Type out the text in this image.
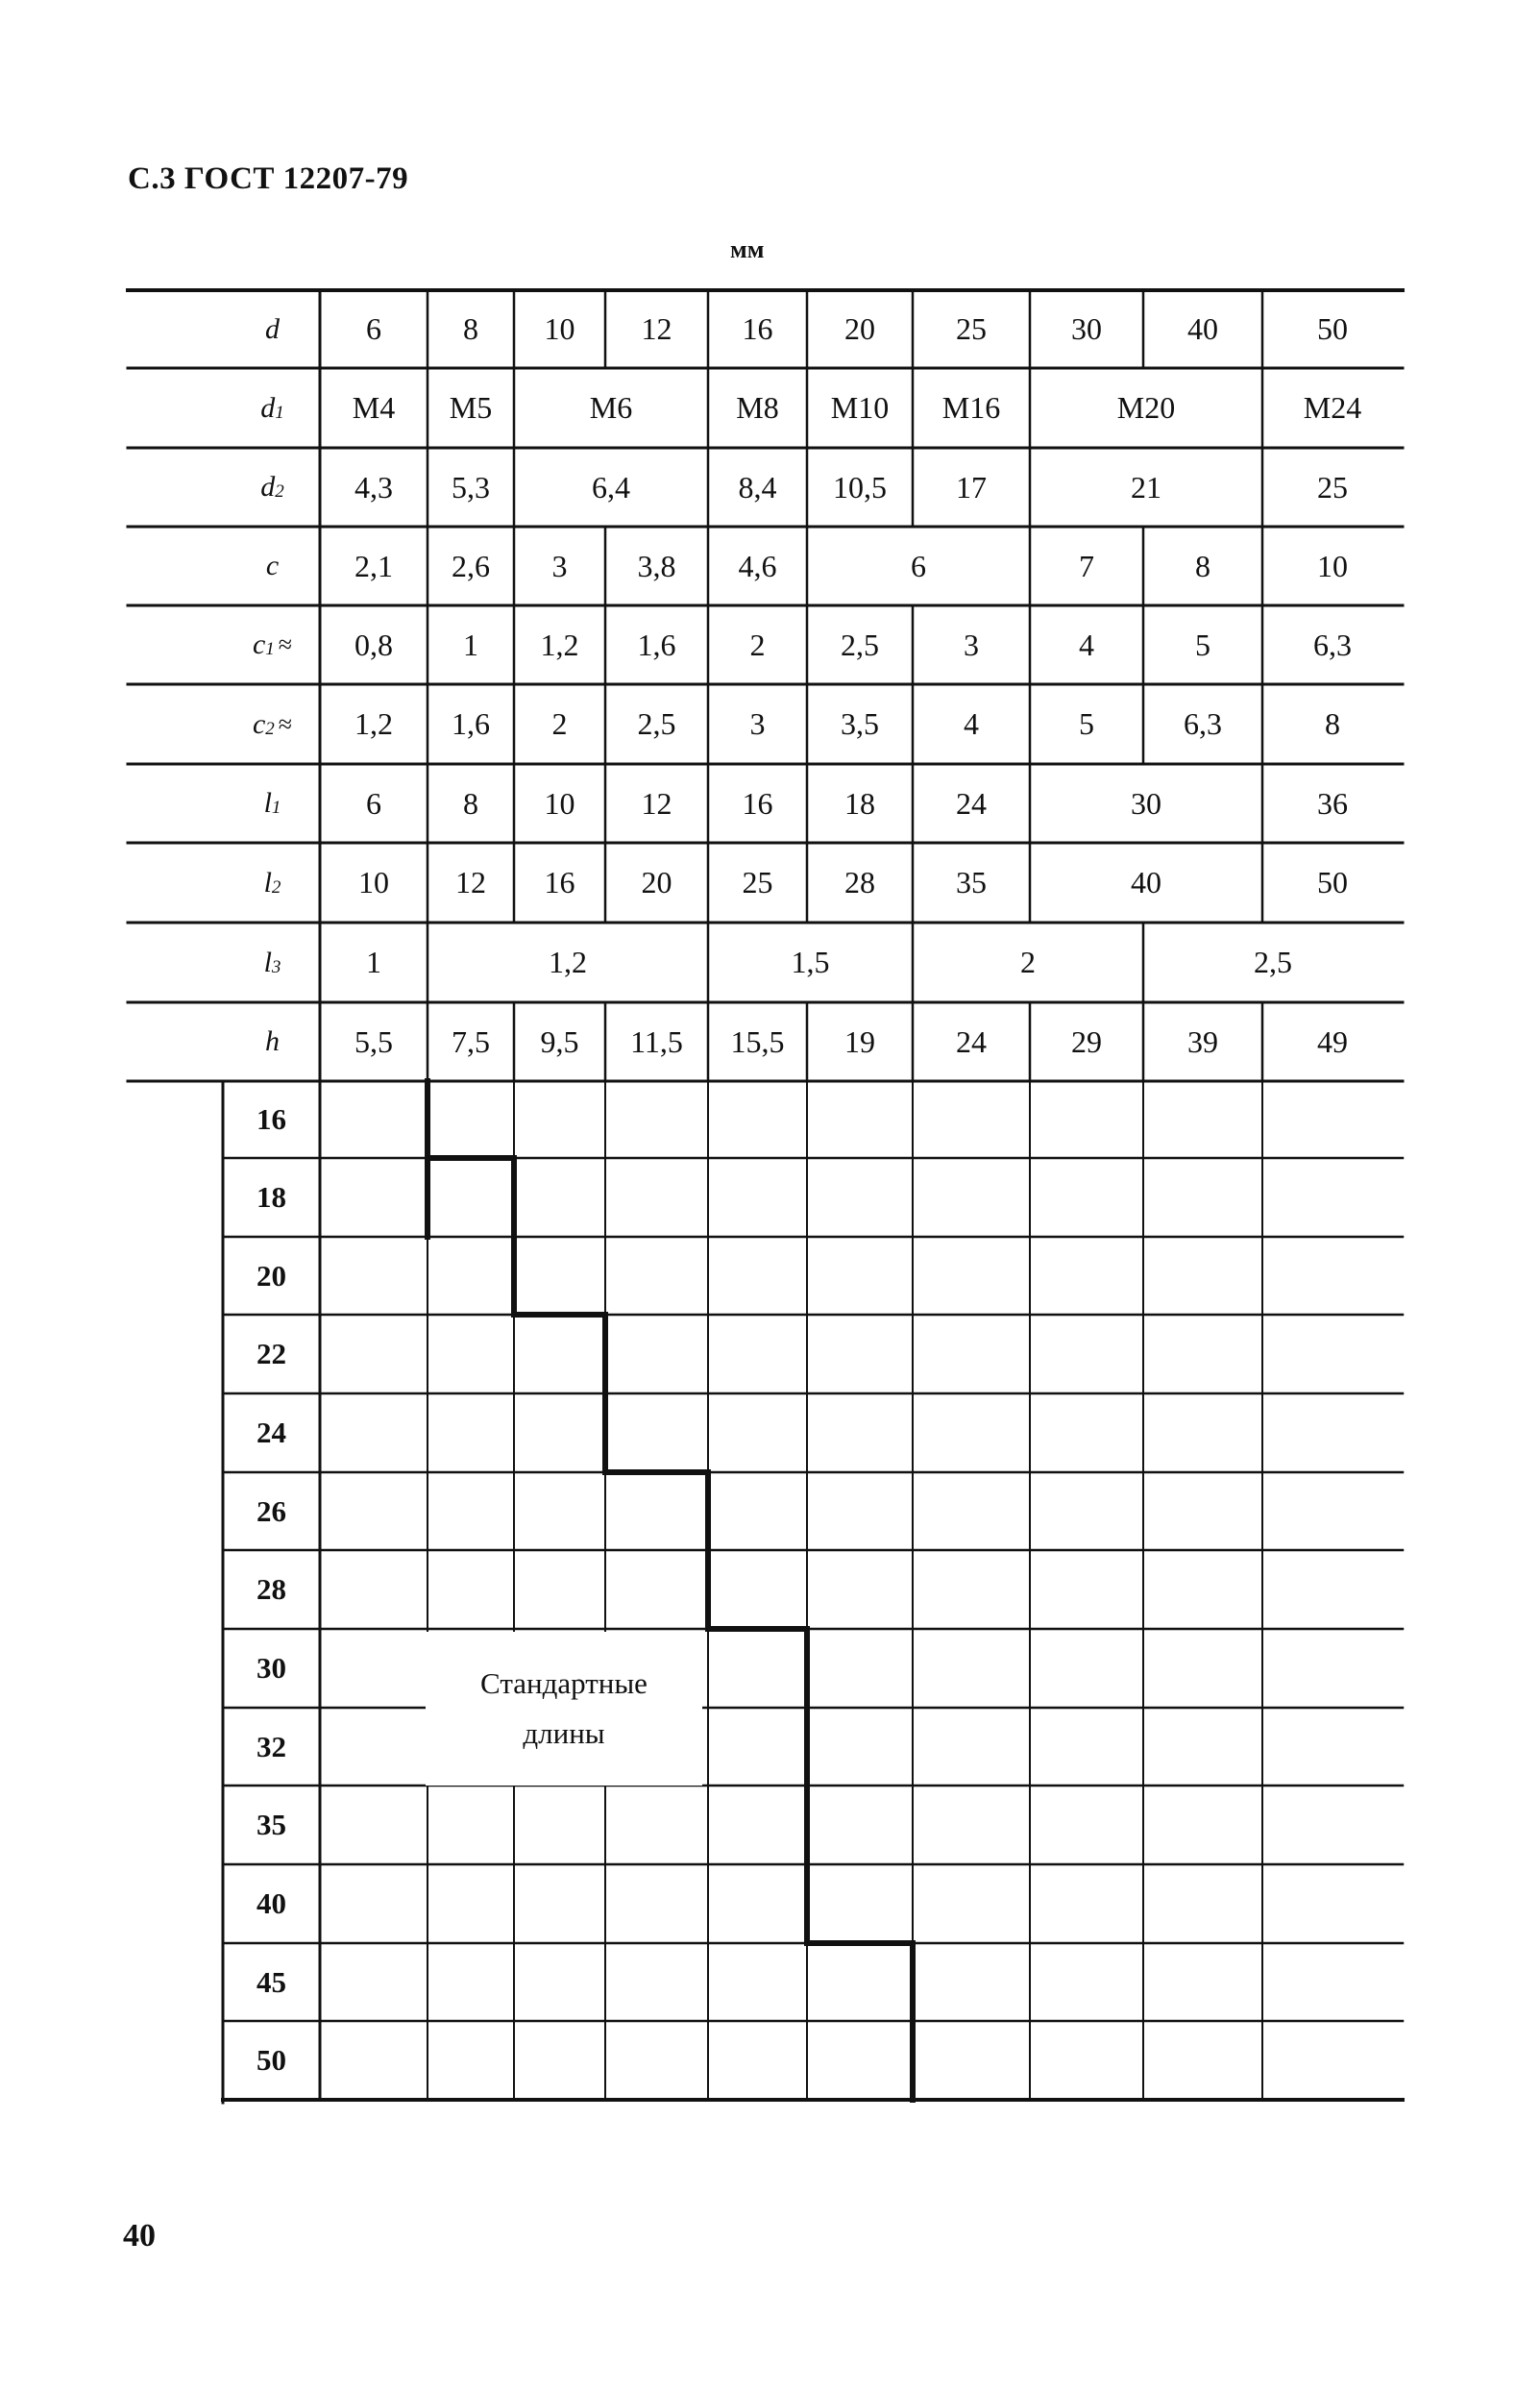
С.3 ГОСТ 12207-79
мм
d	6	8	10	12	16	20	25	30	40	50
$d_1$	М4	М5	М6	М8	М10	М16	М20	М24
$d_2$	4,3	5,3	6,4	8,4	10,5	17	21	25
c	2,1	2,6	3	3,8	4,6	6	7	8	10
$c_1$ ≈	0,8	1	1,2	1,6	2	2,5	3	4	5	6,3
$c_2$ ≈	1,2	1,6	2	2,5	3	3,5	4	5	6,3	8
$l_1$	6	8	10	12	16	18	24	30	36
$l_2$	10	12	16	20	25	28	35	40	50
$l_3$	1	1,2	1,5	2	2,5
h	5,5	7,5	9,5	11,5	15,5	19	24	29	39	49
16
18
20
22
24
26
28
30
32
35
40
45
50
Стандартные
длины
40
